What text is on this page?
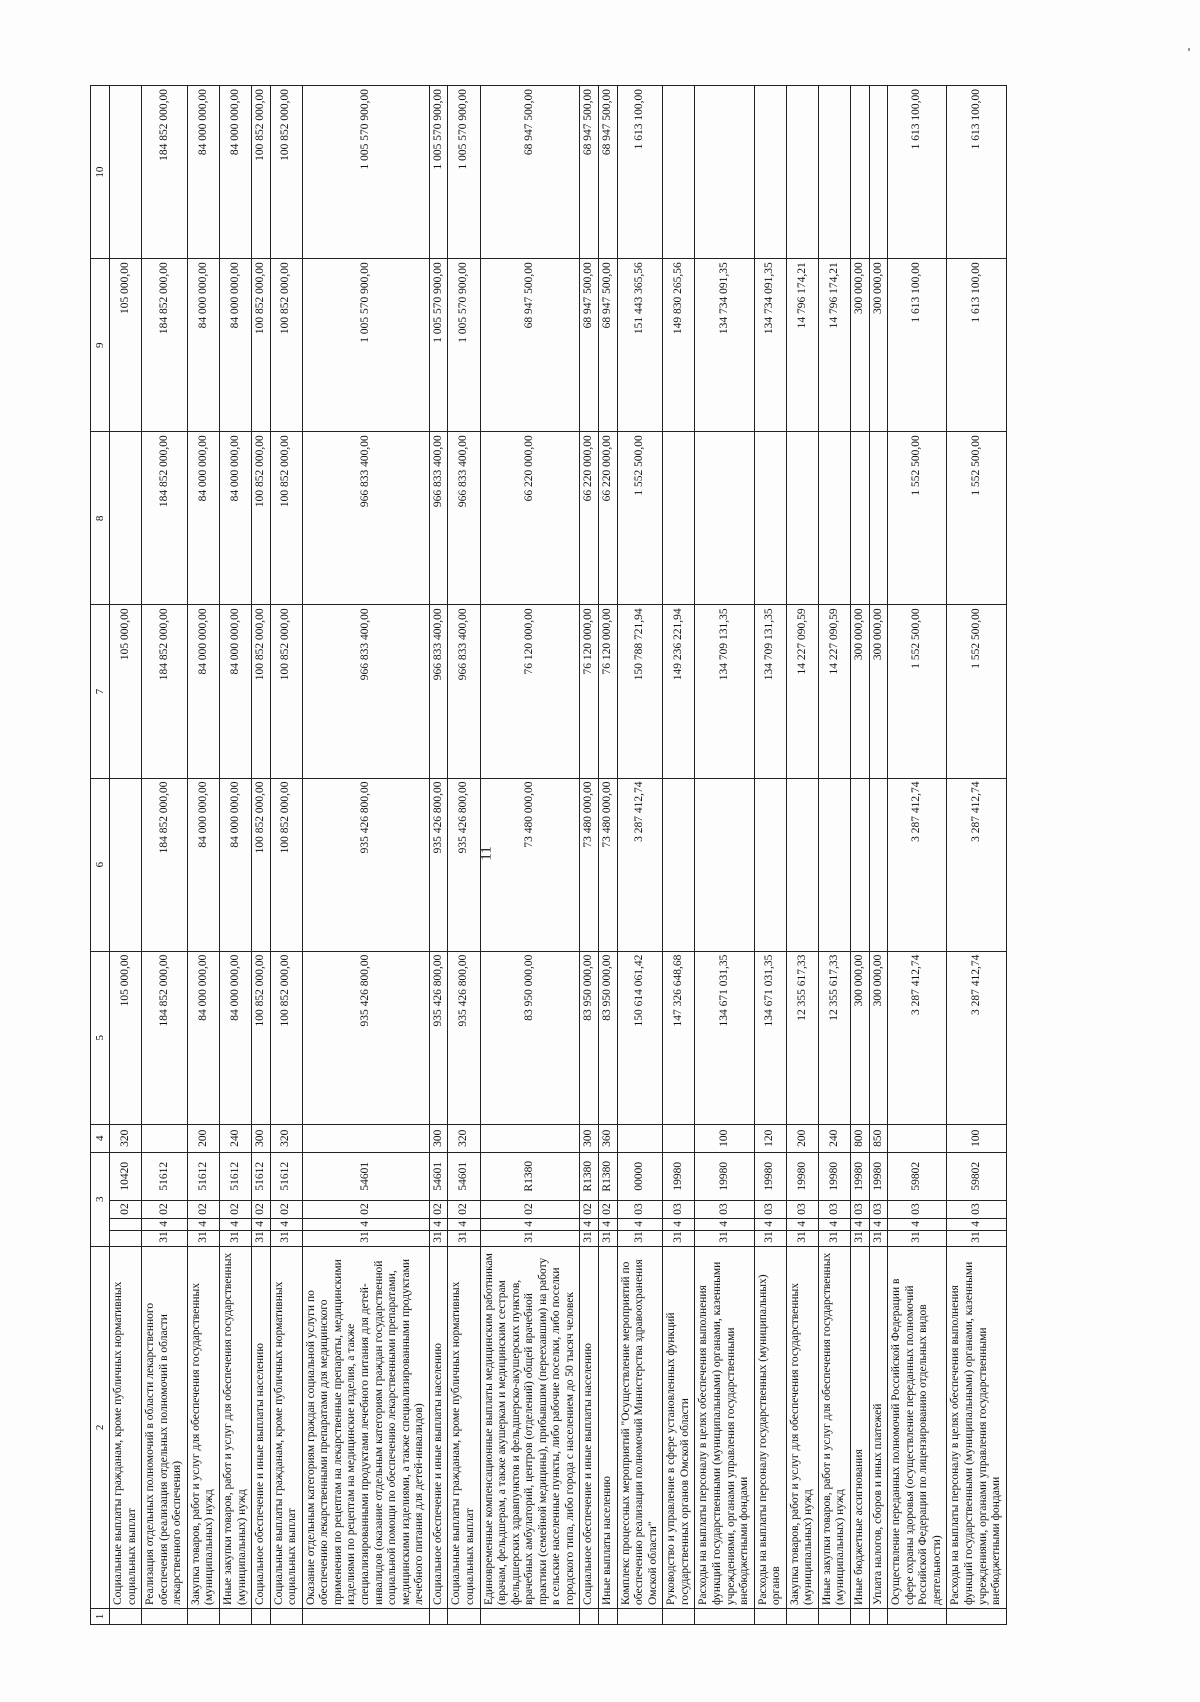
11
1	2	3				4	5	6	7	8	9	10
	Социальные выплаты гражданам, кроме публичных нормативных социальных выплат			02	10420	320	105 000,00		105 000,00		105 000,00	
	Реализация отдельных полномочий в области лекарственного обеспечения (реализация отдельных полномочий в области лекарственного обеспечения)	31	4	02	51612		184 852 000,00	184 852 000,00	184 852 000,00	184 852 000,00	184 852 000,00	184 852 000,00
	Закупка товаров, работ и услуг для обеспечения государственных (муниципальных) нужд	31	4	02	51612	200	84 000 000,00	84 000 000,00	84 000 000,00	84 000 000,00	84 000 000,00	84 000 000,00
	Иные закупки товаров, работ и услуг для обеспечения государственных (муниципальных) нужд	31	4	02	51612	240	84 000 000,00	84 000 000,00	84 000 000,00	84 000 000,00	84 000 000,00	84 000 000,00
	Социальное обеспечение и иные выплаты населению	31	4	02	51612	300	100 852 000,00	100 852 000,00	100 852 000,00	100 852 000,00	100 852 000,00	100 852 000,00
	Социальные выплаты гражданам, кроме публичных нормативных социальных выплат	31	4	02	51612	320	100 852 000,00	100 852 000,00	100 852 000,00	100 852 000,00	100 852 000,00	100 852 000,00
	Оказание отдельным категориям граждан социальной услуги по обеспечению лекарственными препаратами для медицинского применения по рецептам на лекарственные препараты, медицинскими изделиями по рецептам на медицинские изделия, а также специализированными продуктами лечебного питания для детей-инвалидов (оказание отдельным категориям граждан государственной социальной помощи по обеспечению лекарственными препаратами, медицинскими изделиями, а также специализированными продуктами лечебного питания для детей-инвалидов)	31	4	02	54601		935 426 800,00	935 426 800,00	966 833 400,00	966 833 400,00	1 005 570 900,00	1 005 570 900,00
	Социальное обеспечение и иные выплаты населению	31	4	02	54601	300	935 426 800,00	935 426 800,00	966 833 400,00	966 833 400,00	1 005 570 900,00	1 005 570 900,00
	Социальные выплаты гражданам, кроме публичных нормативных социальных выплат	31	4	02	54601	320	935 426 800,00	935 426 800,00	966 833 400,00	966 833 400,00	1 005 570 900,00	1 005 570 900,00
	Единовременные компенсационные выплаты медицинским работникам (врачам, фельдшерам, а также акушеркам и медицинским сестрам фельдшерских здравпунктов и фельдшерско-акушерских пунктов, врачебных амбулаторий, центров (отделений) общей врачебной практики (семейной медицины), прибывшим (переехавшим) на работу в сельские населенные пункты, либо рабочие поселки, либо поселки городского типа, либо города с населением до 50 тысяч человек	31	4	02	R1380		83 950 000,00	73 480 000,00	76 120 000,00	66 220 000,00	68 947 500,00	68 947 500,00
	Социальное обеспечение и иные выплаты населению	31	4	02	R1380	300	83 950 000,00	73 480 000,00	76 120 000,00	66 220 000,00	68 947 500,00	68 947 500,00
	Иные выплаты населению	31	4	02	R1380	360	83 950 000,00	73 480 000,00	76 120 000,00	66 220 000,00	68 947 500,00	68 947 500,00
	Комплекс процессных мероприятий "Осуществление мероприятий по обеспечению реализации полномочий Министерства здравоохранения Омской области"	31	4	03	00000		150 614 061,42	3 287 412,74	150 788 721,94	1 552 500,00	151 443 365,56	1 613 100,00
	Руководство и управление в сфере установленных функций государственных органов Омской области	31	4	03	19980		147 326 648,68		149 236 221,94		149 830 265,56	
	Расходы на выплаты персоналу в целях обеспечения выполнения функций государственными (муниципальными) органами, казенными учреждениями, органами управления государственными внебюджетными фондами	31	4	03	19980	100	134 671 031,35		134 709 131,35		134 734 091,35	
	Расходы на выплаты персоналу государственных (муниципальных) органов	31	4	03	19980	120	134 671 031,35		134 709 131,35		134 734 091,35	
	Закупка товаров, работ и услуг для обеспечения государственных (муниципальных) нужд	31	4	03	19980	200	12 355 617,33		14 227 090,59		14 796 174,21	
	Иные закупки товаров, работ и услуг для обеспечения государственных (муниципальных) нужд	31	4	03	19980	240	12 355 617,33		14 227 090,59		14 796 174,21	
	Иные бюджетные ассигнования	31	4	03	19980	800	300 000,00		300 000,00		300 000,00	
	Уплата налогов, сборов и иных платежей	31	4	03	19980	850	300 000,00		300 000,00		300 000,00	
	Осуществление переданных полномочий Российской Федерации в сфере охраны здоровья (осуществление переданных полномочий Российской Федерации по лицензированию отдельных видов деятельности)	31	4	03	59802		3 287 412,74	3 287 412,74	1 552 500,00	1 552 500,00	1 613 100,00	1 613 100,00
	Расходы на выплаты персоналу в целях обеспечения выполнения функций государственными (муниципальными) органами, казенными учреждениями, органами управления государственными внебюджетными фондами	31	4	03	59802	100	3 287 412,74	3 287 412,74	1 552 500,00	1 552 500,00	1 613 100,00	1 613 100,00
